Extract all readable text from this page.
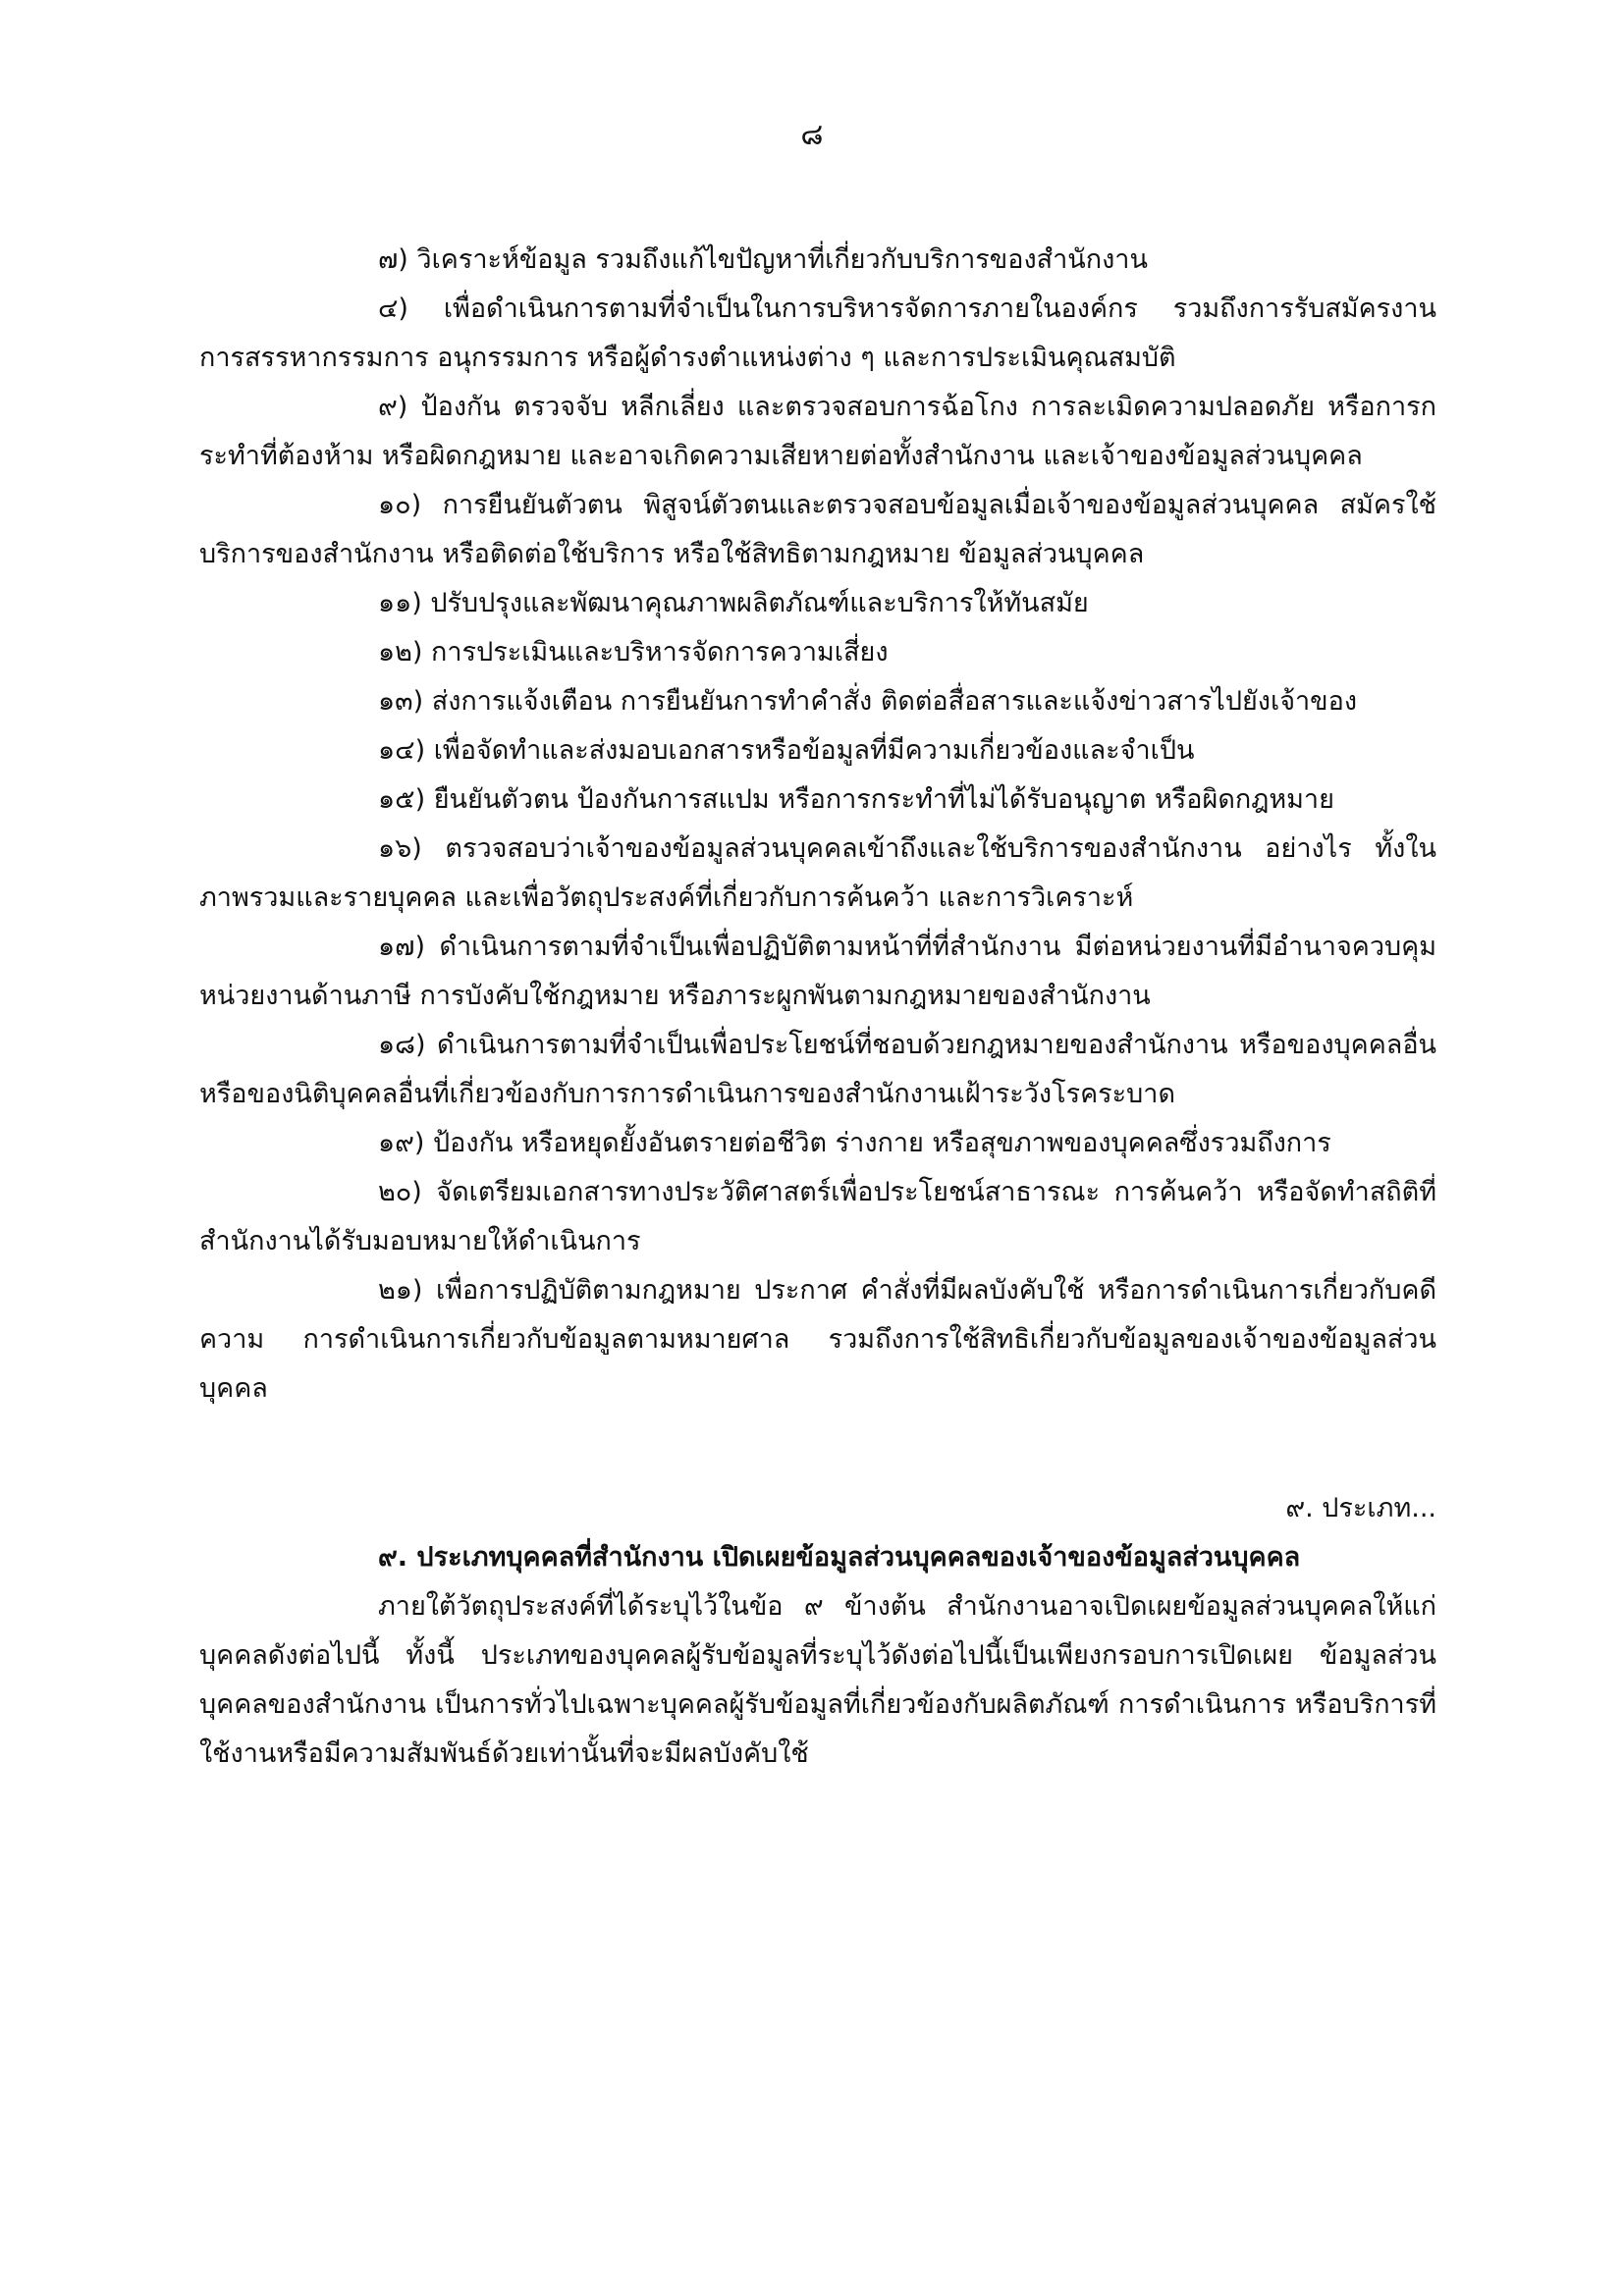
๘

๗) วิเคราะห์ข้อมูล รวมถึงแก้ไขปัญหาที่เกี่ยวกับบริการของสำนักงาน

๔) เพื่อดำเนินการตามที่จำเป็นในการบริหารจัดการภายในองค์กร รวมถึงการรับสมัครงาน การสรรหากรรมการ อนุกรรมการ หรือผู้ดำรงตำแหน่งต่าง ๆ และการประเมินคุณสมบัติ

๙) ป้องกัน ตรวจจับ หลีกเลี่ยง และตรวจสอบการฉ้อโกง การละเมิดความปลอดภัย หรือการกระทำที่ต้องห้าม หรือผิดกฎหมาย และอาจเกิดความเสียหายต่อทั้งสำนักงาน และเจ้าของข้อมูลส่วนบุคคล

๑๐) การยืนยันตัวตน พิสูจน์ตัวตนและตรวจสอบข้อมูลเมื่อเจ้าของข้อมูลส่วนบุคคล สมัครใช้บริการของสำนักงาน หรือติดต่อใช้บริการ หรือใช้สิทธิตามกฎหมาย ข้อมูลส่วนบุคคล

๑๑) ปรับปรุงและพัฒนาคุณภาพผลิตภัณฑ์และบริการให้ทันสมัย

๑๒) การประเมินและบริหารจัดการความเสี่ยง

๑๓) ส่งการแจ้งเตือน การยืนยันการทำคำสั่ง ติดต่อสื่อสารและแจ้งข่าวสารไปยังเจ้าของ

๑๔) เพื่อจัดทำและส่งมอบเอกสารหรือข้อมูลที่มีความเกี่ยวข้องและจำเป็น

๑๕) ยืนยันตัวตน ป้องกันการสแปม หรือการกระทำที่ไม่ได้รับอนุญาต หรือผิดกฎหมาย

๑๖) ตรวจสอบว่าเจ้าของข้อมูลส่วนบุคคลเข้าถึงและใช้บริการของสำนักงาน อย่างไร ทั้งในภาพรวมและรายบุคคล และเพื่อวัตถุประสงค์ที่เกี่ยวกับการค้นคว้า และการวิเคราะห์

๑๗) ดำเนินการตามที่จำเป็นเพื่อปฏิบัติตามหน้าที่ที่สำนักงาน มีต่อหน่วยงานที่มีอำนาจควบคุม หน่วยงานด้านภาษี การบังคับใช้กฎหมาย หรือภาระผูกพันตามกฎหมายของสำนักงาน

๑๘) ดำเนินการตามที่จำเป็นเพื่อประโยชน์ที่ชอบด้วยกฎหมายของสำนักงาน หรือของบุคคลอื่น หรือของนิติบุคคลอื่นที่เกี่ยวข้องกับการการดำเนินการของสำนักงานเฝ้าระวังโรคระบาด

๑๙) ป้องกัน หรือหยุดยั้งอันตรายต่อชีวิต ร่างกาย หรือสุขภาพของบุคคลซึ่งรวมถึงการ

๒๐) จัดเตรียมเอกสารทางประวัติศาสตร์เพื่อประโยชน์สาธารณะ การค้นคว้า หรือจัดทำสถิติที่สำนักงานได้รับมอบหมายให้ดำเนินการ

๒๑) เพื่อการปฏิบัติตามกฎหมาย ประกาศ คำสั่งที่มีผลบังคับใช้ หรือการดำเนินการเกี่ยวกับคดีความ การดำเนินการเกี่ยวกับข้อมูลตามหมายศาล รวมถึงการใช้สิทธิเกี่ยวกับข้อมูลของเจ้าของข้อมูลส่วนบุคคล

๙. ประเภท...

๙. ประเภทบุคคลที่สำนักงาน เปิดเผยข้อมูลส่วนบุคคลของเจ้าของข้อมูลส่วนบุคคล

ภายใต้วัตถุประสงค์ที่ได้ระบุไว้ในข้อ ๙ ข้างต้น สำนักงานอาจเปิดเผยข้อมูลส่วนบุคคลให้แก่บุคคลดังต่อไปนี้ ทั้งนี้ ประเภทของบุคคลผู้รับข้อมูลที่ระบุไว้ดังต่อไปนี้เป็นเพียงกรอบการเปิดเผย ข้อมูลส่วนบุคคลของสำนักงาน เป็นการทั่วไปเฉพาะบุคคลผู้รับข้อมูลที่เกี่ยวข้องกับผลิตภัณฑ์ การดำเนินการ หรือบริการที่ใช้งานหรือมีความสัมพันธ์ด้วยเท่านั้นที่จะมีผลบังคับใช้
